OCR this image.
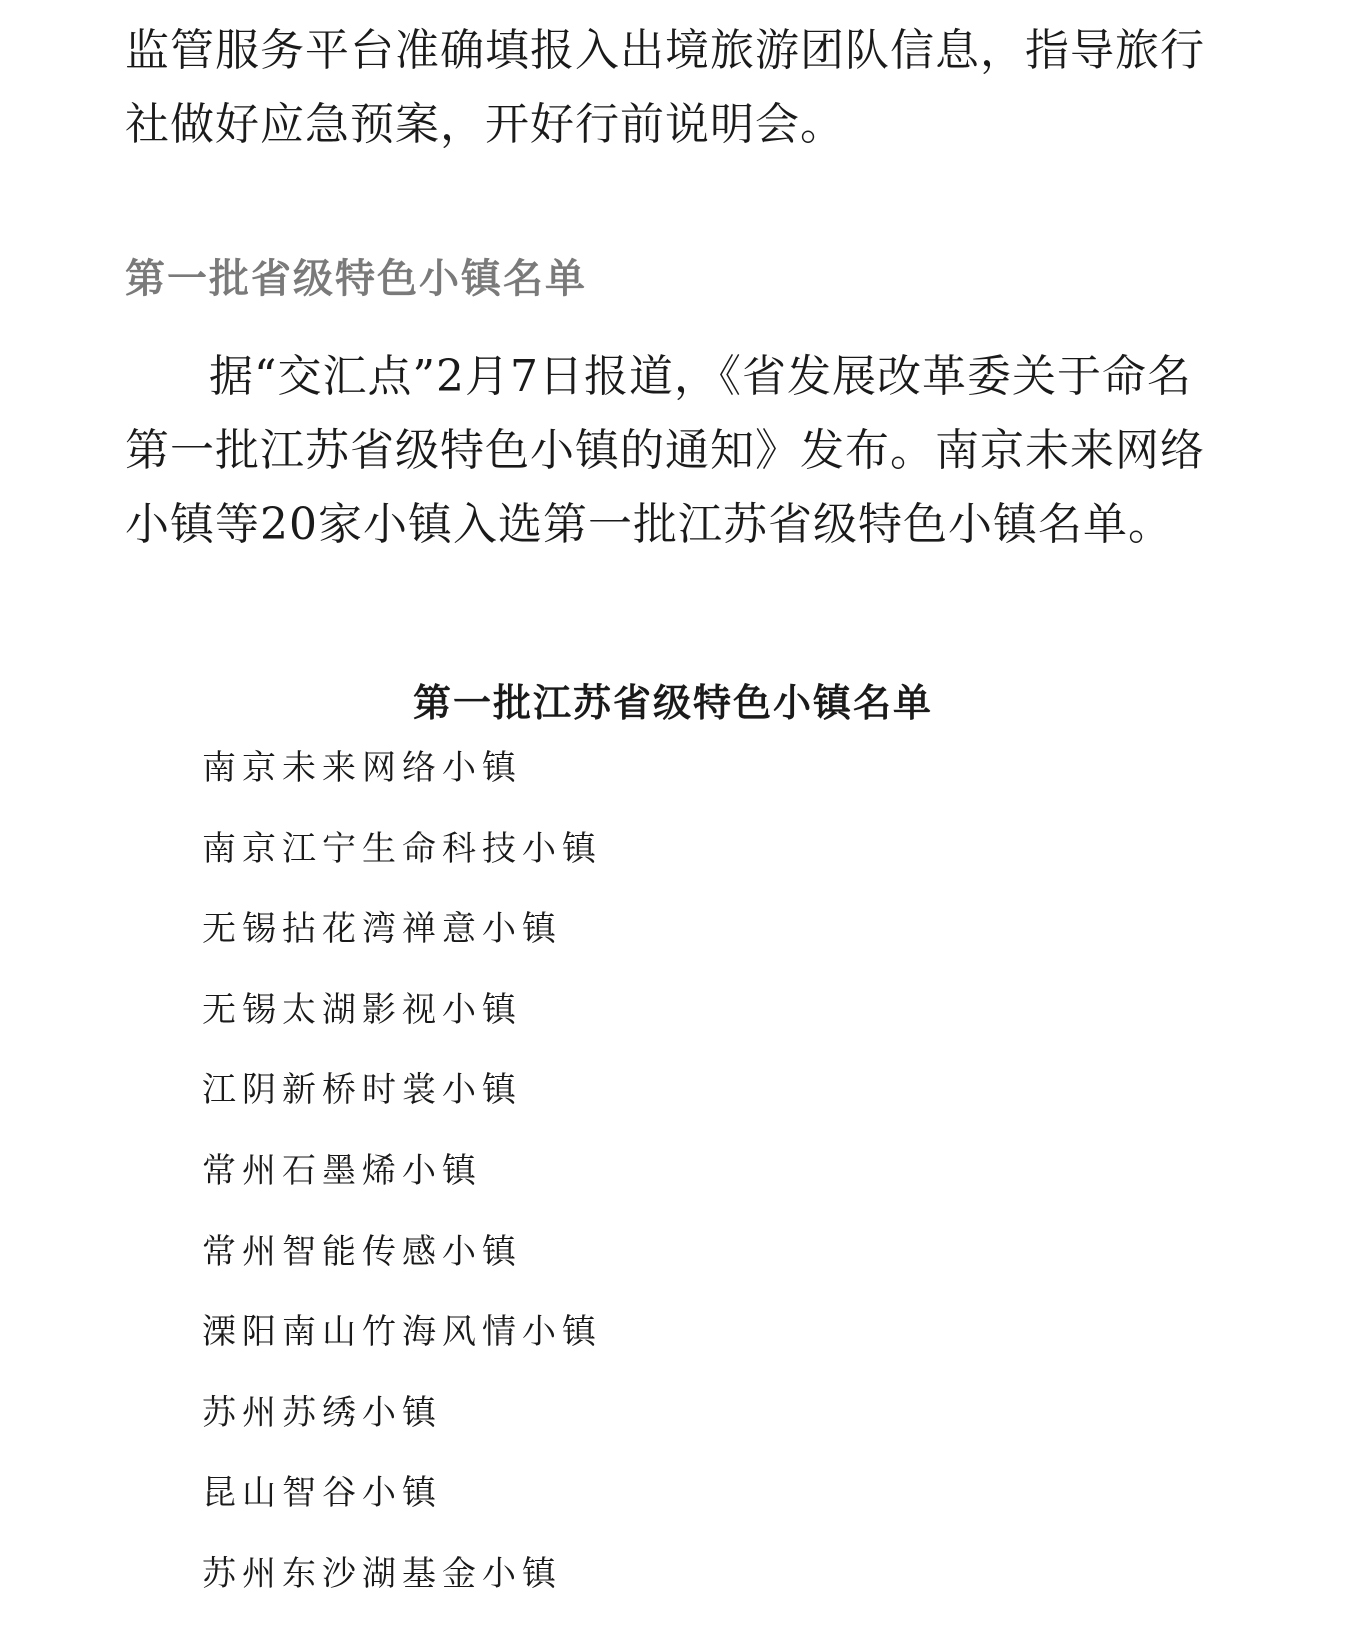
监管服务平台准确填报入出境旅游团队信息，指导旅行
社做好应急预案，开好行前说明会。

第一批省级特色小镇名单

据“交汇点”2月7日报道，《省发展改革委关于命名
第一批江苏省级特色小镇的通知》发布。南京未来网络
小镇等20家小镇入选第一批江苏省级特色小镇名单。

第一批江苏省级特色小镇名单
南京未来网络小镇
南京江宁生命科技小镇
无锡拈花湾禅意小镇
无锡太湖影视小镇
江阴新桥时裳小镇
常州石墨烯小镇
常州智能传感小镇
溧阳南山竹海风情小镇
苏州苏绣小镇
昆山智谷小镇
苏州东沙湖基金小镇
